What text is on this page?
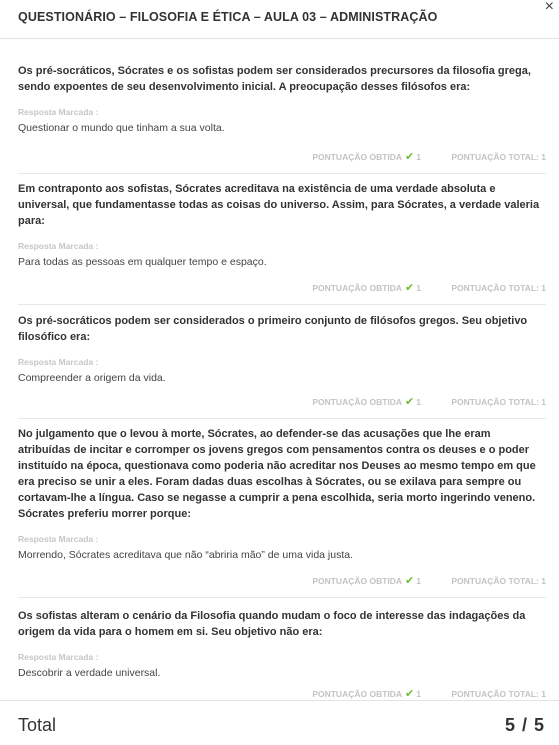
QUESTIONÁRIO – FILOSOFIA E ÉTICA – AULA 03 – ADMINISTRAÇÃO
×
Os pré-socráticos, Sócrates e os sofistas podem ser considerados precursores da filosofia grega, sendo expoentes de seu desenvolvimento inicial. A preocupação desses filósofos era:
Resposta Marcada :
Questionar o mundo que tinham a sua volta.
PONTUAÇÃO OBTIDA ✔ 1	PONTUAÇÃO TOTAL: 1
Em contraponto aos sofistas, Sócrates acreditava na existência de uma verdade absoluta e universal, que fundamentasse todas as coisas do universo. Assim, para Sócrates, a verdade valeria para:
Resposta Marcada :
Para todas as pessoas em qualquer tempo e espaço.
PONTUAÇÃO OBTIDA ✔ 1	PONTUAÇÃO TOTAL: 1
Os pré-socráticos podem ser considerados o primeiro conjunto de filósofos gregos. Seu objetivo filosófico era:
Resposta Marcada :
Compreender a origem da vida.
PONTUAÇÃO OBTIDA ✔ 1	PONTUAÇÃO TOTAL: 1
No julgamento que o levou à morte, Sócrates, ao defender-se das acusações que lhe eram atribuídas de incitar e corromper os jovens gregos com pensamentos contra os deuses e o poder instituído na época, questionava como poderia não acreditar nos Deuses ao mesmo tempo em que era preciso se unir a eles. Foram dadas duas escolhas à Sócrates, ou se exilava para sempre ou cortavam-lhe a língua. Caso se negasse a cumprir a pena escolhida, seria morto ingerindo veneno. Sócrates preferiu morrer porque:
Resposta Marcada :
Morrendo, Sócrates acreditava que não “abriria mão” de uma vida justa.
PONTUAÇÃO OBTIDA ✔ 1	PONTUAÇÃO TOTAL: 1
Os sofistas alteram o cenário da Filosofia quando mudam o foco de interesse das indagações da origem da vida para o homem em si. Seu objetivo não era:
Resposta Marcada :
Descobrir a verdade universal.
PONTUAÇÃO OBTIDA ✔ 1	PONTUAÇÃO TOTAL: 1
Total	5 / 5
